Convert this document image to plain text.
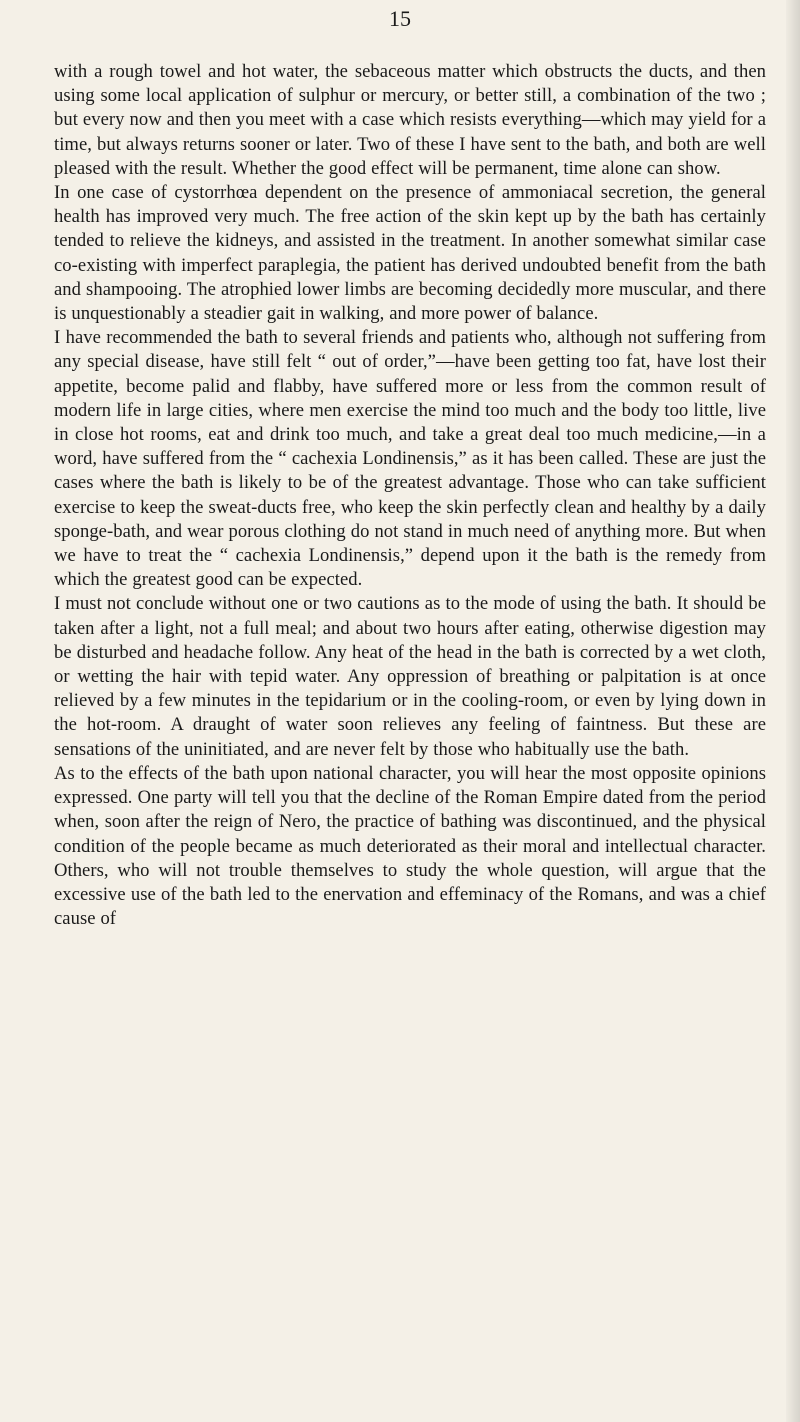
15

with a rough towel and hot water, the sebaceous matter which obstructs the ducts, and then using some local application of sulphur or mercury, or better still, a combination of the two ; but every now and then you meet with a case which resists everything—which may yield for a time, but always returns sooner or later. Two of these I have sent to the bath, and both are well pleased with the result. Whether the good effect will be permanent, time alone can show.

In one case of cystorrhœa dependent on the presence of ammoniacal secretion, the general health has improved very much. The free action of the skin kept up by the bath has certainly tended to relieve the kidneys, and assisted in the treatment. In another somewhat similar case co-existing with imperfect paraplegia, the patient has derived undoubted benefit from the bath and shampooing. The atrophied lower limbs are becoming decidedly more muscular, and there is unquestionably a steadier gait in walking, and more power of balance.

I have recommended the bath to several friends and patients who, although not suffering from any special disease, have still felt “ out of order,”—have been getting too fat, have lost their appetite, become palid and flabby, have suffered more or less from the common result of modern life in large cities, where men exercise the mind too much and the body too little, live in close hot rooms, eat and drink too much, and take a great deal too much medicine,—in a word, have suffered from the “ cachexia Londinensis,” as it has been called. These are just the cases where the bath is likely to be of the greatest advantage. Those who can take sufficient exercise to keep the sweat-ducts free, who keep the skin perfectly clean and healthy by a daily sponge-bath, and wear porous clothing do not stand in much need of anything more. But when we have to treat the “ cachexia Londinensis,” depend upon it the bath is the remedy from which the greatest good can be expected.

I must not conclude without one or two cautions as to the mode of using the bath. It should be taken after a light, not a full meal; and about two hours after eating, otherwise digestion may be disturbed and headache follow. Any heat of the head in the bath is corrected by a wet cloth, or wetting the hair with tepid water. Any oppression of breathing or palpitation is at once relieved by a few minutes in the tepidarium or in the cooling-room, or even by lying down in the hot-room. A draught of water soon relieves any feeling of faintness. But these are sensations of the uninitiated, and are never felt by those who habitually use the bath.

As to the effects of the bath upon national character, you will hear the most opposite opinions expressed. One party will tell you that the decline of the Roman Empire dated from the period when, soon after the reign of Nero, the practice of bathing was discontinued, and the physical condition of the people became as much deteriorated as their moral and intellectual character. Others, who will not trouble themselves to study the whole question, will argue that the excessive use of the bath led to the enervation and effeminacy of the Romans, and was a chief cause of
